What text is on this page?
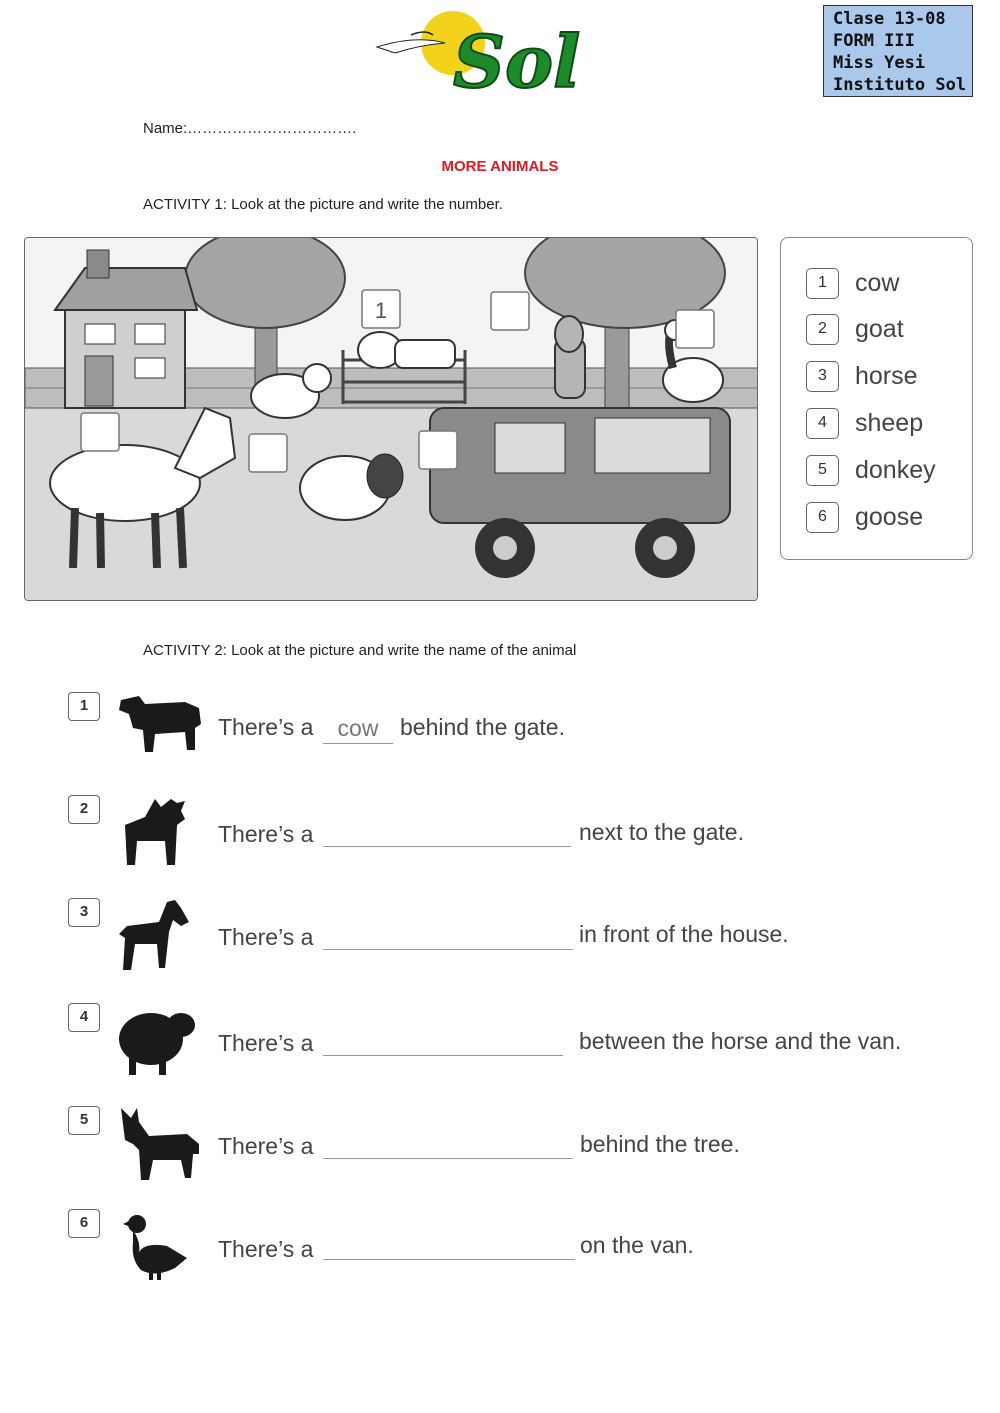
Sol	Clase 13-08
FORM III
Miss Yesi
Instituto Sol
Name:…………………………….
MORE ANIMALS
ACTIVITY 1: Look at the picture and write the number.
1
1	cow
2	goat
3	horse
4	sheep
5	donkey
6	goose
ACTIVITY 2: Look at the picture and write the name of the animal
1
There’s a	cow behind the gate.
2
There’s a	next to the gate.
3
There’s a	in front of the house.
4
There’s a	between the horse and the van.
5
There’s a	behind the tree.
6
There’s a	on the van.
